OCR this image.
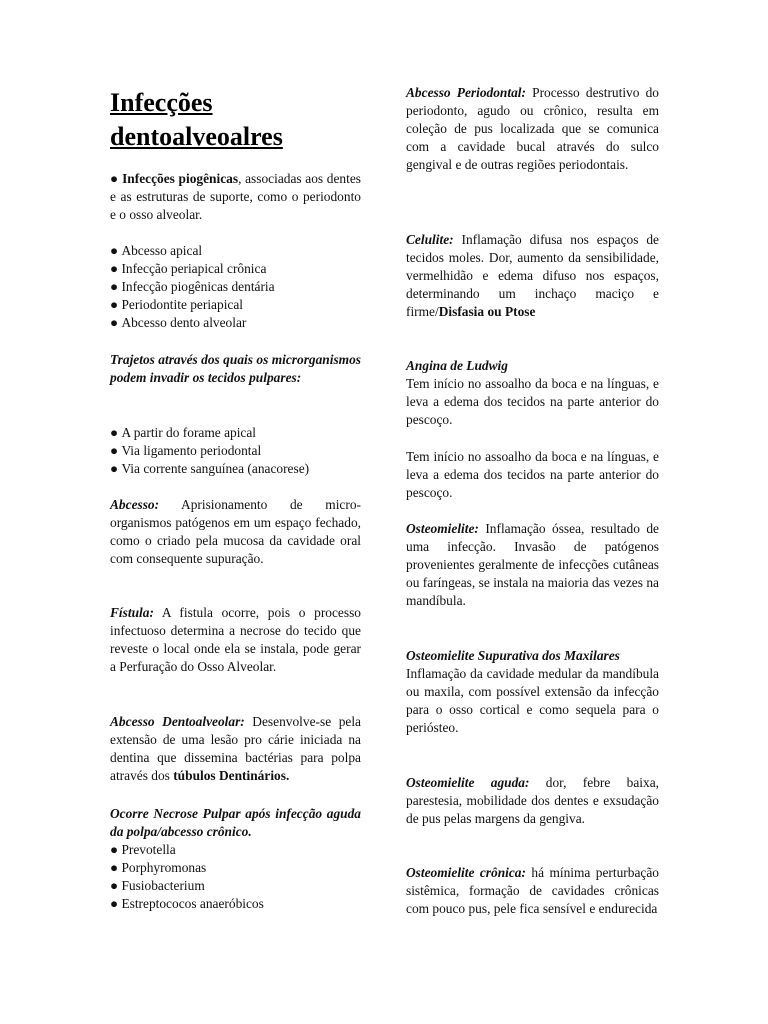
Infecções dentoalveoalres

● Infecções piogênicas, associadas aos dentes e as estruturas de suporte, como o periodonto e o osso alveolar.

● Abcesso apical
● Infecção periapical crônica
● Infecção piogênicas dentária
● Periodontite periapical
● Abcesso dento alveolar

Trajetos através dos quais os microrganismos podem invadir os tecidos pulpares:

● A partir do forame apical
● Via ligamento periodontal
● Via corrente sanguínea (anacorese)

Abcesso: Aprisionamento de micro-organismos patógenos em um espaço fechado, como o criado pela mucosa da cavidade oral com consequente supuração.

Fístula: A fistula ocorre, pois o processo infectuoso determina a necrose do tecido que reveste o local onde ela se instala, pode gerar a Perfuração do Osso Alveolar.

Abcesso Dentoalveolar: Desenvolve-se pela extensão de uma lesão pro cárie iniciada na dentina que dissemina bactérias para polpa através dos túbulos Dentinários.

Ocorre Necrose Pulpar após infecção aguda da polpa/abcesso crônico.

● Prevotella
● Porphyromonas
● Fusiobacterium
● Estreptococos anaeróbicos

Abcesso Periodontal: Processo destrutivo do periodonto, agudo ou crônico, resulta em coleção de pus localizada que se comunica com a cavidade bucal através do sulco gengival e de outras regiões periodontais.

Celulite: Inflamação difusa nos espaços de tecidos moles. Dor, aumento da sensibilidade, vermelhidão e edema difuso nos espaços, determinando um inchaço maciço e firme/Disfasia ou Ptose

Angina de Ludwig
Tem início no assoalho da boca e na línguas, e leva a edema dos tecidos na parte anterior do pescoço.

Tem início no assoalho da boca e na línguas, e leva a edema dos tecidos na parte anterior do pescoço.

Osteomielite: Inflamação óssea, resultado de uma infecção. Invasão de patógenos provenientes geralmente de infecções cutâneas ou faríngeas, se instala na maioria das vezes na mandíbula.

Osteomielite Supurativa dos Maxilares
Inflamação da cavidade medular da mandíbula ou maxila, com possível extensão da infecção para o osso cortical e como sequela para o periósteo.

Osteomielite aguda: dor, febre baixa, parestesia, mobilidade dos dentes e exsudação de pus pelas margens da gengiva.

Osteomielite crônica: há mínima perturbação sistêmica, formação de cavidades crônicas com pouco pus, pele fica sensível e endurecida
